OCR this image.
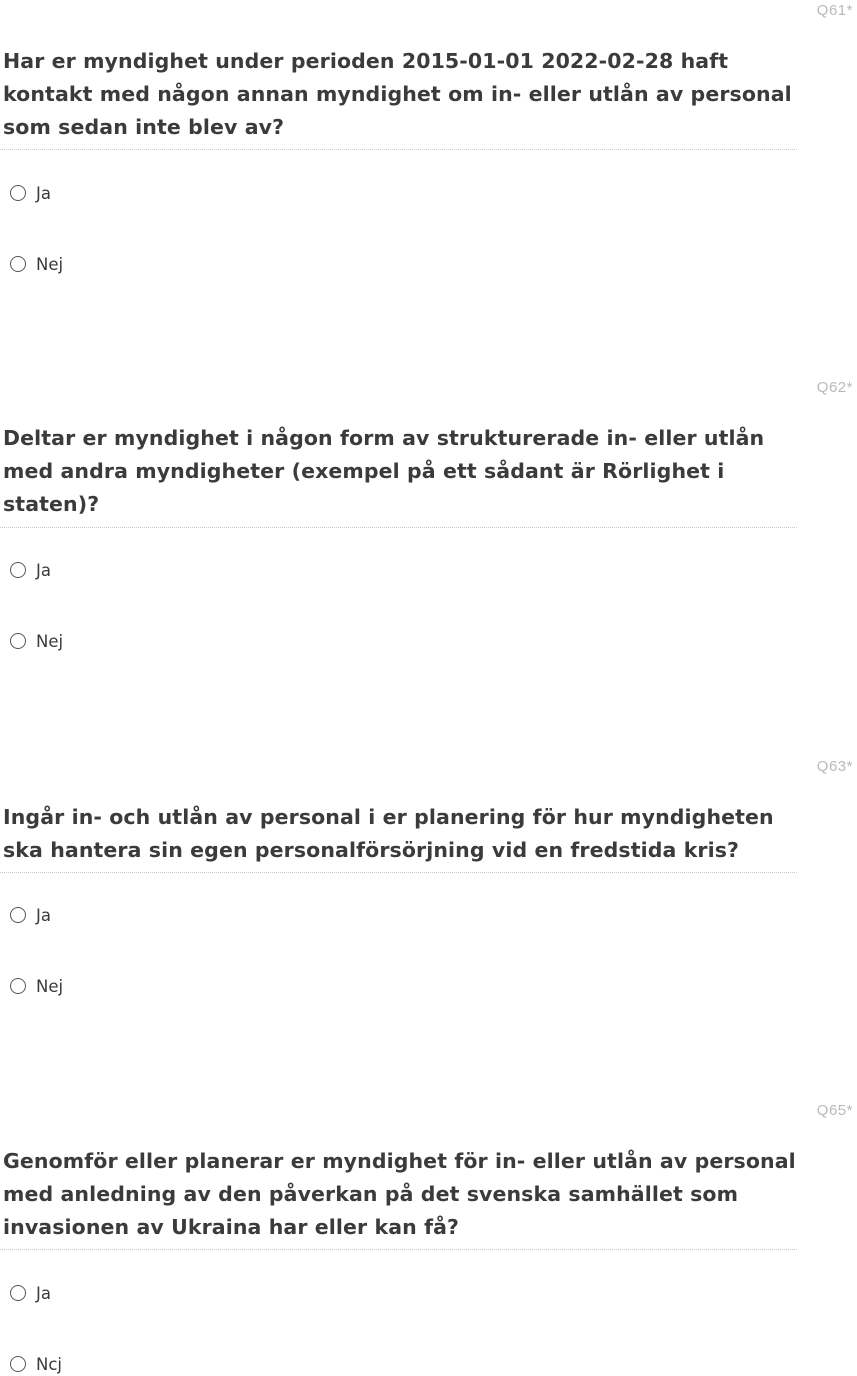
Q61*

Har er myndighet under perioden 2015-01-01 2022-02-28 haft kontakt med någon annan myndighet om in- eller utlån av personal som sedan inte blev av?

Ja
Nej
Q62*

Deltar er myndighet i någon form av strukturerade in- eller utlån med andra myndigheter (exempel på ett sådant är Rörlighet i staten)?

Ja
Nej
Q63*

Ingår in- och utlån av personal i er planering för hur myndigheten ska hantera sin egen personalförsörjning vid en fredstida kris?

Ja
Nej
Q65*

Genomför eller planerar er myndighet för in- eller utlån av personal med anledning av den påverkan på det svenska samhället som invasionen av Ukraina har eller kan få?

Ja
Ncj
